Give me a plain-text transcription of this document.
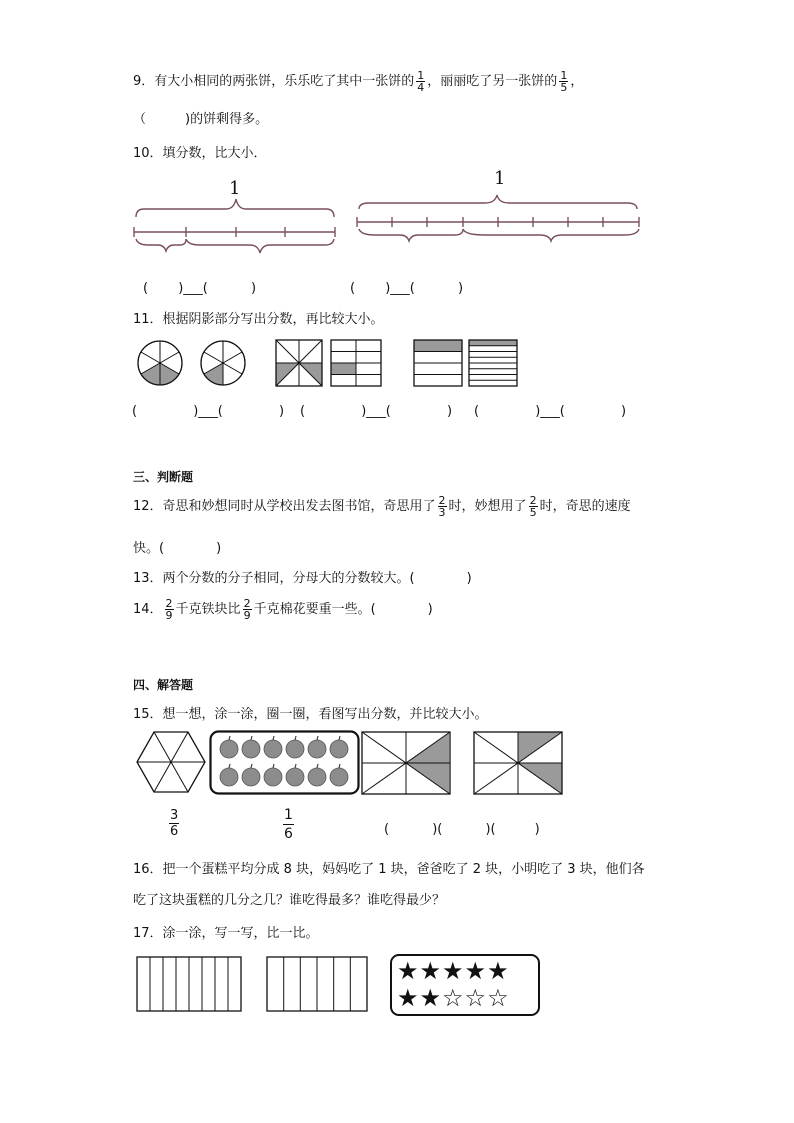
9．有大小相同的两张饼，乐乐吃了其中一张饼的 $\frac{1}{4}$ ，丽丽吃了另一张饼的 $\frac{1}{5}$ ，
（　　　)的饼剩得多。
10．填分数，比大小．
1	1
(　　 )___(　　　 )	(　　 )___(　　　 )
11．根据阴影部分写出分数，再比较大小。
(　　　　 )___(　　　　 ) (　　　　 )___(　　　　 ) (　　　　 )___(　　　　 )
三、判断题
12．奇思和妙想同时从学校出发去图书馆，奇思用了 $\frac{2}{3}$ 时，妙想用了 $\frac{2}{5}$ 时，奇思的速度
快。(　　　　)
13．两个分数的分子相同，分母大的分数较大。(　　　　)
14． $\frac{2}{9}$ 千克铁块比 $\frac{2}{9}$ 千克棉花要重一些。(　　　　)
四、解答题
15．想一想，涂一涂，圈一圈，看图写出分数，并比较大小。
$\frac{3}{6}$	$\frac{1}{6}$	(　　　 )(　　　 )(　　　)
16．把一个蛋糕平均分成 8 块，妈妈吃了 1 块，爸爸吃了 2 块，小明吃了 3 块，他们各
吃了这块蛋糕的几分之几？谁吃得最多？谁吃得最少？
17．涂一涂，写一写，比一比。
★★★★★
★★☆☆☆
